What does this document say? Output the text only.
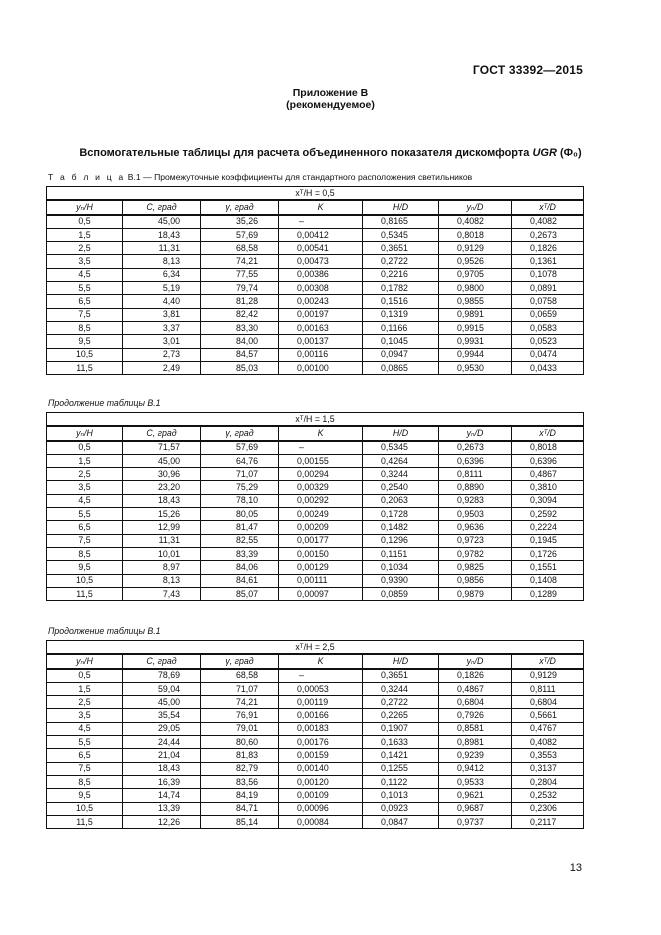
ГОСТ 33392—2015
Приложение В
(рекомендуемое)
Вспомогательные таблицы для расчета объединенного показателя дискомфорта UGR (Ф₀)
Т а б л и ц а В.1 — Промежуточные коэффициенты для стандартного расположения светильников
xᵀ/H = 0,5						
yₙ/H	C, град	γ, град	K	H/D	yₙ/D	xᵀ/D
0,5	45,00	35,26	–	0,8165	0,4082	0,4082
1,5	18,43	57,69	0,00412	0,5345	0,8018	0,2673
2,5	11,31	68,58	0,00541	0,3651	0,9129	0,1826
3,5	8,13	74,21	0,00473	0,2722	0,9526	0,1361
4,5	6,34	77,55	0,00386	0,2216	0,9705	0,1078
5,5	5,19	79,74	0,00308	0,1782	0,9800	0,0891
6,5	4,40	81,28	0,00243	0,1516	0,9855	0,0758
7,5	3,81	82,42	0,00197	0,1319	0,9891	0,0659
8,5	3,37	83,30	0,00163	0,1166	0,9915	0,0583
9,5	3,01	84,00	0,00137	0,1045	0,9931	0,0523
10,5	2,73	84,57	0,00116	0,0947	0,9944	0,0474
11,5	2,49	85,03	0,00100	0,0865	0,9530	0,0433
Продолжение таблицы В.1
xᵀ/H = 1,5						
yₙ/H	C, град	γ, град	K	H/D	yₙ/D	xᵀ/D
0,5	71,57	57,69	–	0,5345	0,2673	0,8018
1,5	45,00	64,76	0,00155	0,4264	0,6396	0,6396
2,5	30,96	71,07	0,00294	0,3244	0,8111	0,4867
3,5	23,20	75,29	0,00329	0,2540	0,8890	0,3810
4,5	18,43	78,10	0,00292	0,2063	0,9283	0,3094
5,5	15,26	80,05	0,00249	0,1728	0,9503	0,2592
6,5	12,99	81,47	0,00209	0,1482	0,9636	0,2224
7,5	11,31	82,55	0,00177	0,1296	0,9723	0,1945
8,5	10,01	83,39	0,00150	0,1151	0,9782	0,1726
9,5	8,97	84,06	0,00129	0,1034	0,9825	0,1551
10,5	8,13	84,61	0,00111	0,9390	0,9856	0,1408
11,5	7,43	85,07	0,00097	0,0859	0,9879	0,1289
Продолжение таблицы В.1
xᵀ/H = 2,5						
yₙ/H	C, град	γ, град	K	H/D	yₙ/D	xᵀ/D
0,5	78,69	68,58	–	0,3651	0,1826	0,9129
1,5	59,04	71,07	0,00053	0,3244	0,4867	0,8111
2,5	45,00	74,21	0,00119	0,2722	0,6804	0,6804
3,5	35,54	76,91	0,00166	0,2265	0,7926	0,5661
4,5	29,05	79,01	0,00183	0,1907	0,8581	0,4767
5,5	24,44	80,60	0,00176	0,1633	0,8981	0,4082
6,5	21,04	81,83	0,00159	0,1421	0,9239	0,3553
7,5	18,43	82,79	0,00140	0,1255	0,9412	0,3137
8,5	16,39	83,56	0,00120	0,1122	0,9533	0,2804
9,5	14,74	84,19	0,00109	0,1013	0,9621	0,2532
10,5	13,39	84,71	0,00096	0,0923	0,9687	0,2306
11,5	12,26	85,14	0,00084	0,0847	0,9737	0,2117
13
